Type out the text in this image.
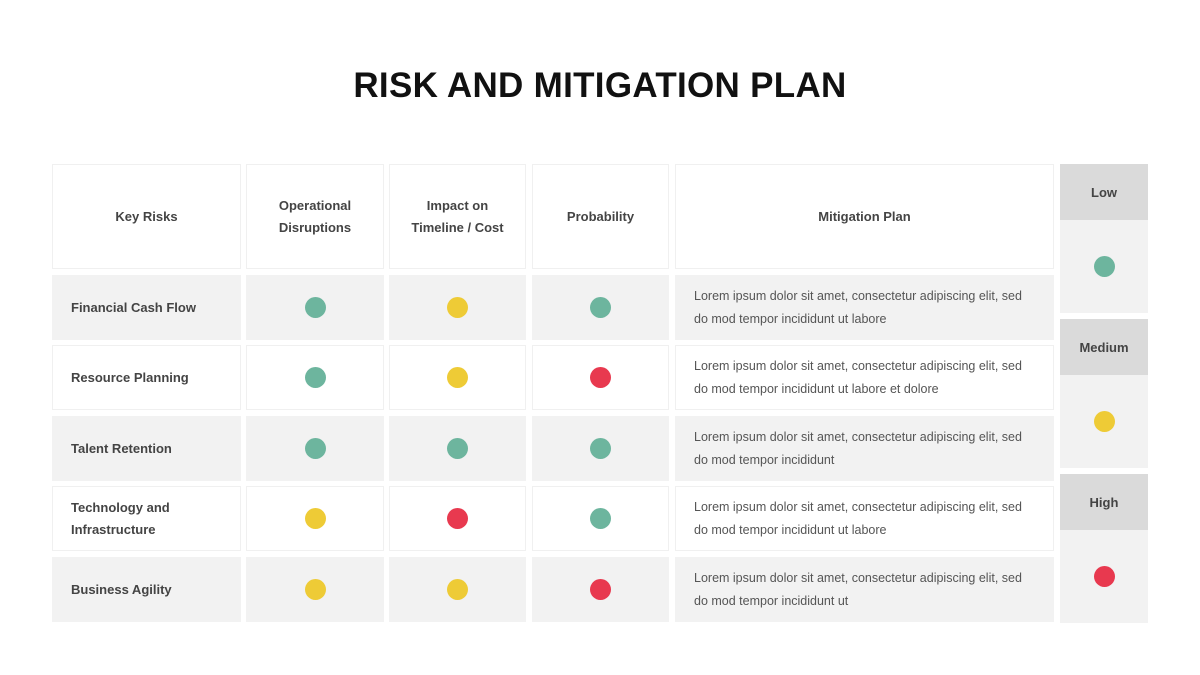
RISK AND MITIGATION PLAN
Key Risks
Operational Disruptions
Impact on Timeline / Cost
Probability	Mitigation Plan
Financial Cash Flow
Lorem ipsum dolor sit amet, consectetur adipiscing elit, sed do mod tempor incididunt ut labore
Resource Planning
Lorem ipsum dolor sit amet, consectetur adipiscing elit, sed do mod tempor incididunt ut labore et dolore
Talent Retention
Lorem ipsum dolor sit amet, consectetur adipiscing elit, sed do mod tempor incididunt
Technology and Infrastructure
Lorem ipsum dolor sit amet, consectetur adipiscing elit, sed do mod tempor incididunt ut labore
Business Agility
Lorem ipsum dolor sit amet, consectetur adipiscing elit, sed do mod tempor incididunt ut
Low
Medium
High
